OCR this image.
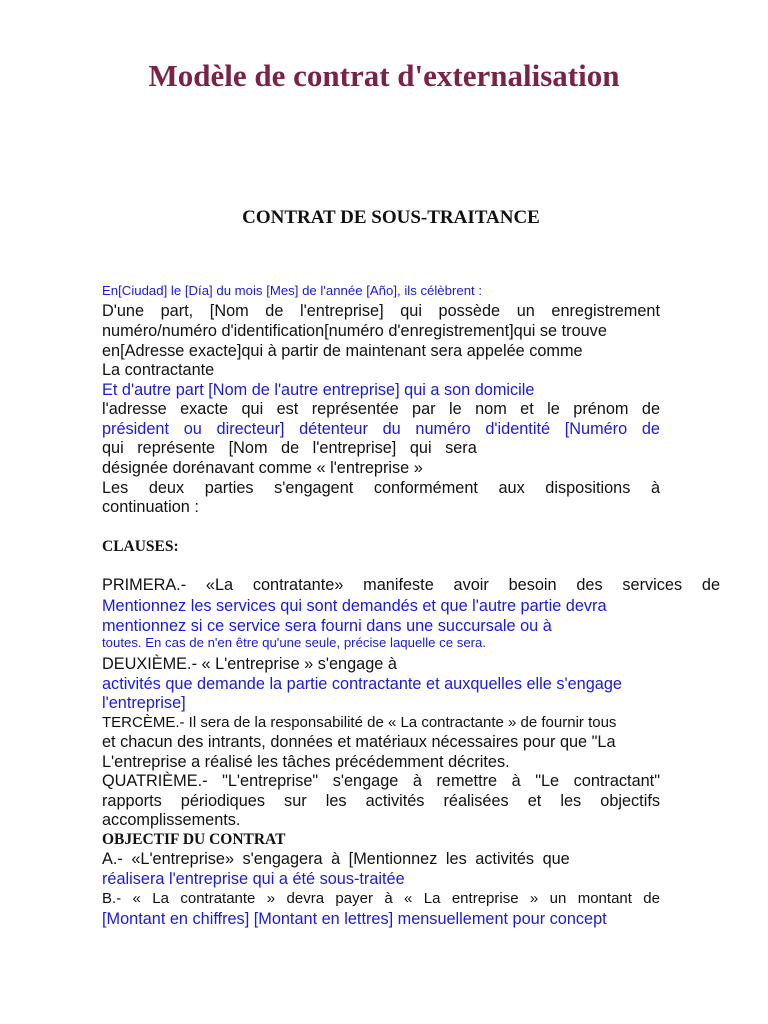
Modèle de contrat d'externalisation
CONTRAT DE SOUS-TRAITANCE
En[Ciudad] le [Día] du mois [Mes] de l'année [Año], ils célèbrent :
D'une part, [Nom de l'entreprise] qui possède un enregistrement
numéro/numéro d'identification[numéro d'enregistrement]qui se trouve
en[Adresse exacte]qui à partir de maintenant sera appelée comme
La contractante
Et d'autre part [Nom de l'autre entreprise] qui a son domicile
l'adresse exacte qui est représentée par le nom et le prénom de
président ou directeur] détenteur du numéro d'identité [Numéro de
qui représente [Nom de l'entreprise] qui sera
désignée dorénavant comme « l'entreprise »
Les deux parties s'engagent conformément aux dispositions à
continuation :
CLAUSES:
PRIMERA.- «La contratante» manifeste avoir besoin des services de
Mentionnez les services qui sont demandés et que l'autre partie devra
mentionnez si ce service sera fourni dans une succursale ou à
toutes. En cas de n'en être qu'une seule, précise laquelle ce sera.
DEUXIÈME.- « L'entreprise » s'engage à
activités que demande la partie contractante et auxquelles elle s'engage
l'entreprise]
TERCÈME.- Il sera de la responsabilité de « La contractante » de fournir tous
et chacun des intrants, données et matériaux nécessaires pour que "La
L'entreprise a réalisé les tâches précédemment décrites.
QUATRIÈME.- "L'entreprise" s'engage à remettre à "Le contractant"
rapports périodiques sur les activités réalisées et les objectifs
accomplissements.
OBJECTIF DU CONTRAT
A.- «L'entreprise» s'engagera à [Mentionnez les activités que
réalisera l'entreprise qui a été sous-traitée
B.- « La contratante » devra payer à « La entreprise » un montant de
[Montant en chiffres] [Montant en lettres] mensuellement pour concept
